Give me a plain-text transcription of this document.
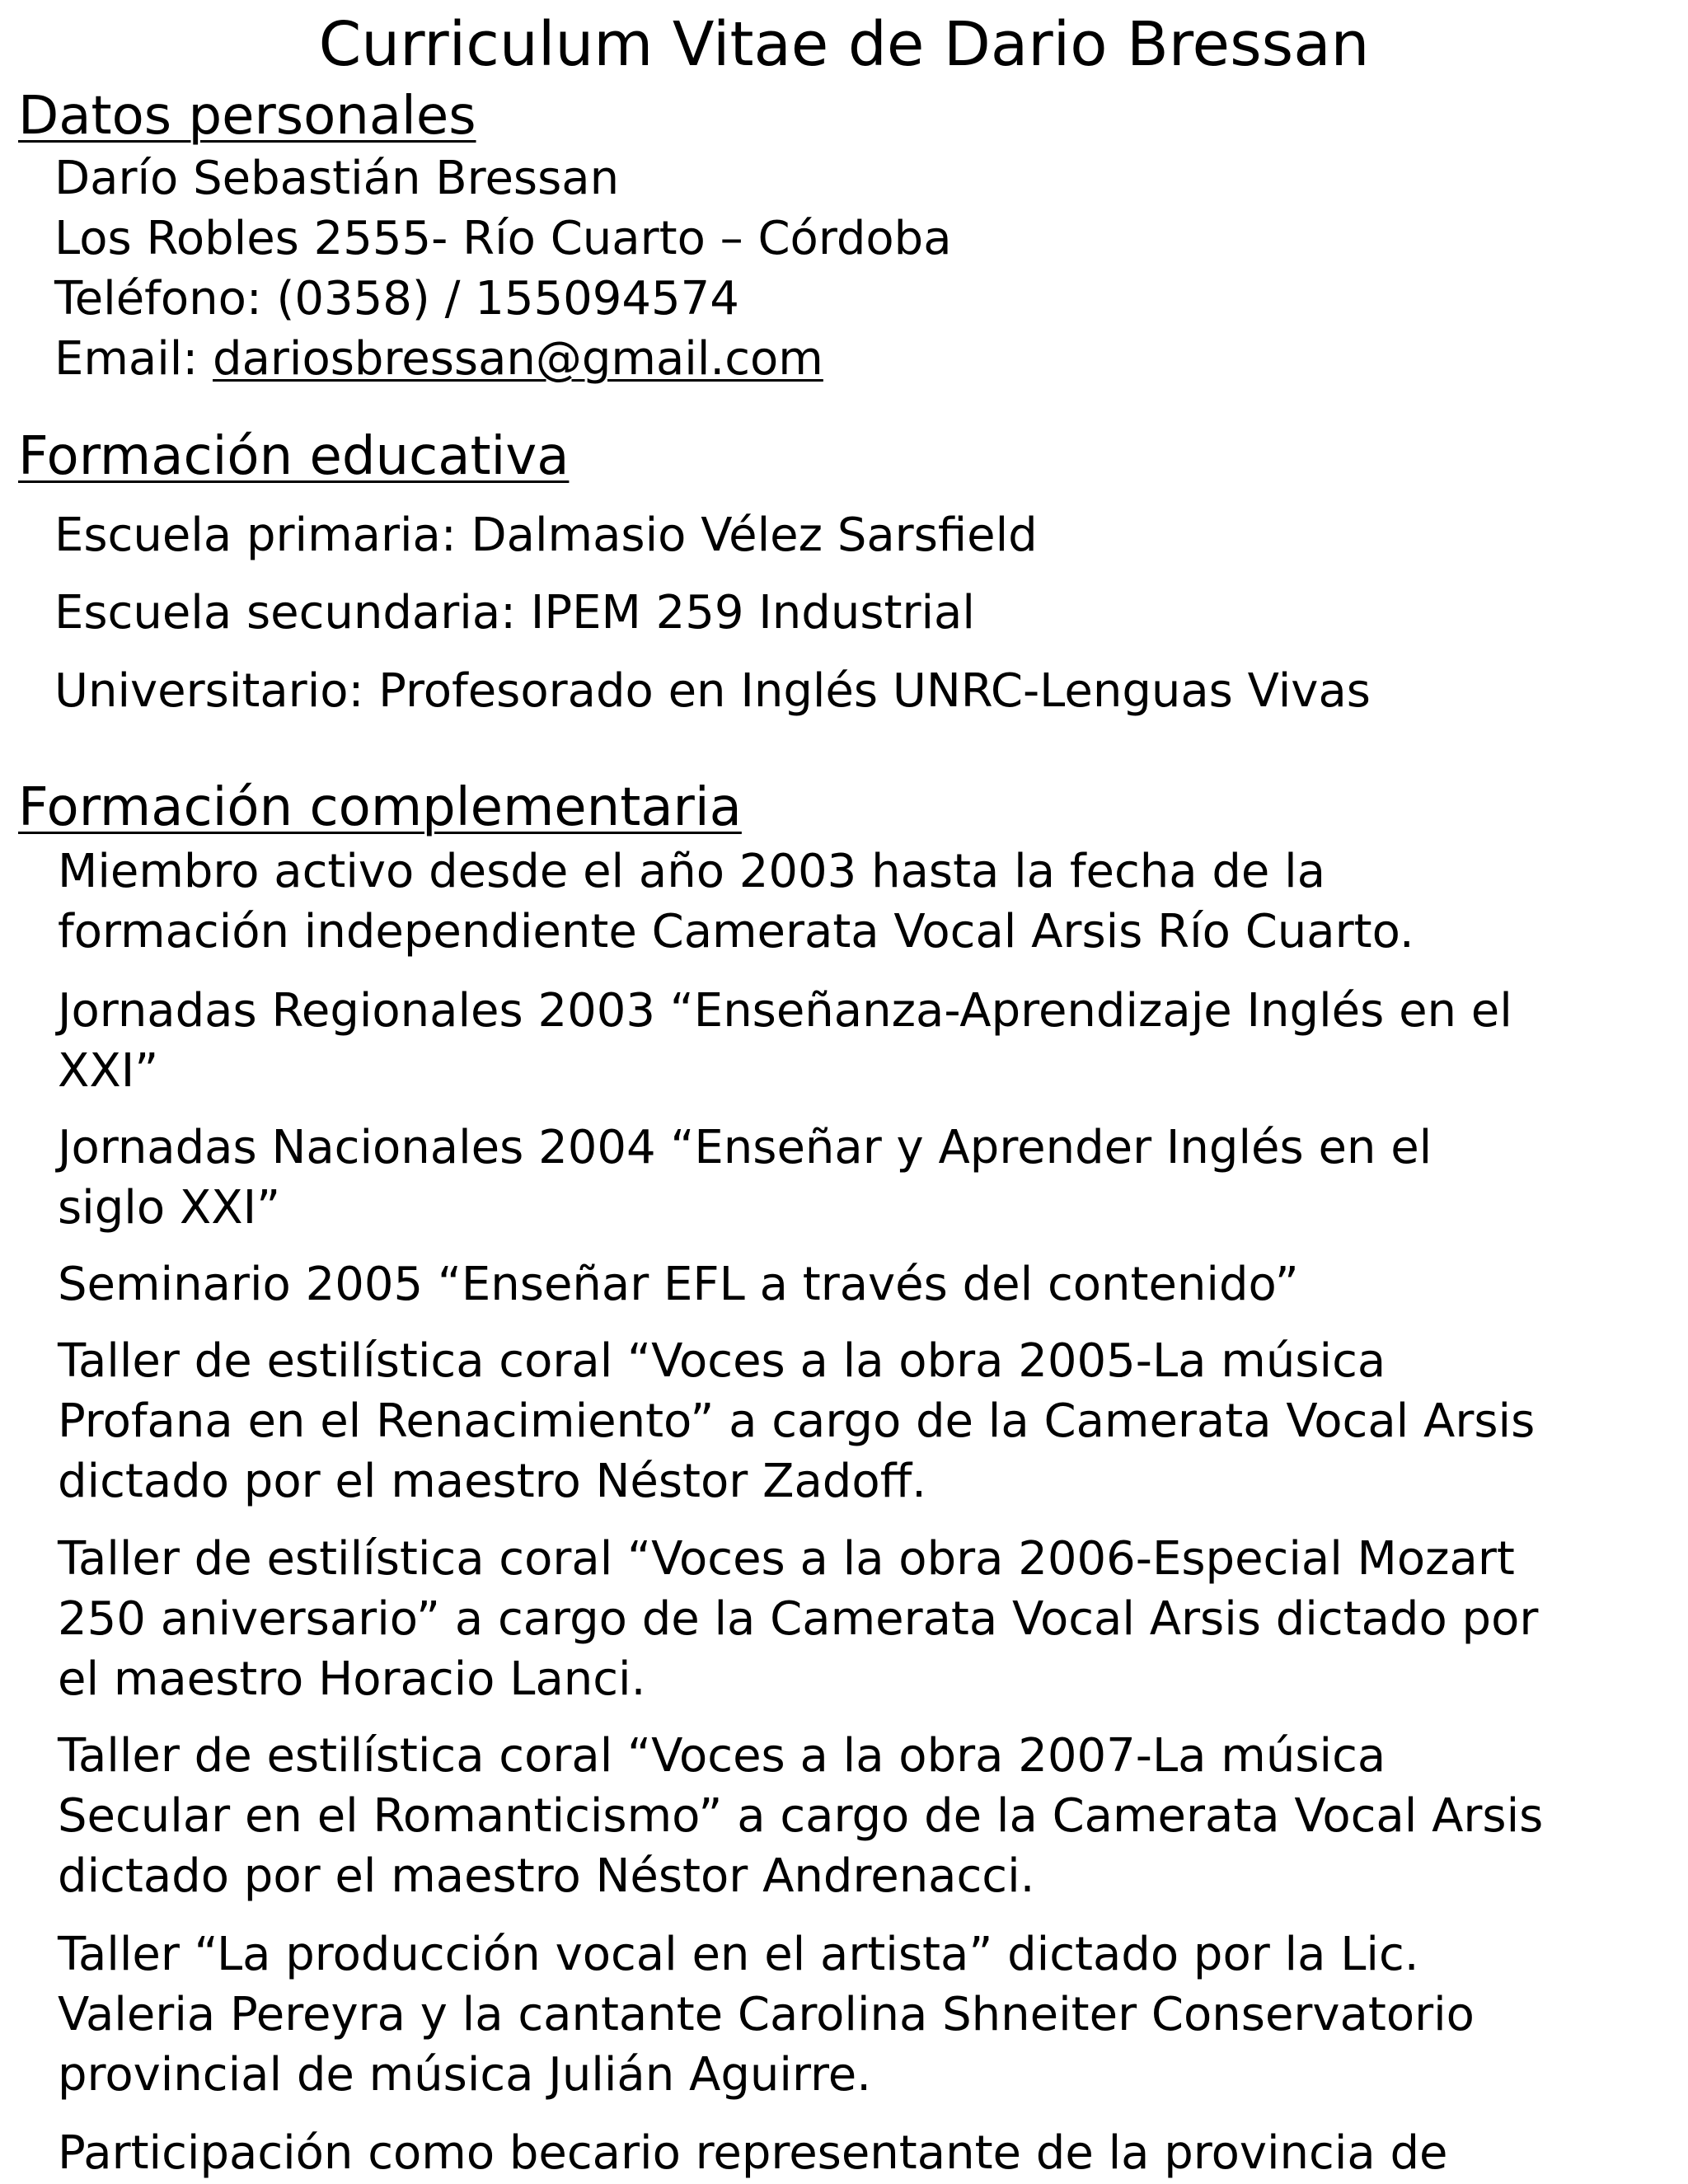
Curriculum Vitae de Dario Bressan
Datos personales
Darío Sebastián Bressan
Los Robles 2555- Río Cuarto – Córdoba
Teléfono: (0358) / 155094574
Email: dariosbressan@gmail.com
Formación educativa
Escuela primaria: Dalmasio Vélez Sarsfield
Escuela secundaria: IPEM 259 Industrial
Universitario: Profesorado en Inglés UNRC-Lenguas Vivas
Formación complementaria
Miembro activo desde el año 2003 hasta la fecha de la
formación independiente Camerata Vocal Arsis Río Cuarto.
Jornadas Regionales 2003 “Enseñanza-Aprendizaje Inglés en el
XXI”
Jornadas Nacionales 2004 “Enseñar y Aprender Inglés en el
siglo XXI”
Seminario 2005 “Enseñar EFL a través del contenido”
Taller de estilística coral “Voces a la obra 2005-La música
Profana en el Renacimiento” a cargo de la Camerata Vocal Arsis
dictado por el maestro Néstor Zadoff.
Taller de estilística coral “Voces a la obra 2006-Especial Mozart
250 aniversario” a cargo de la Camerata Vocal Arsis dictado por
el maestro Horacio Lanci.
Taller de estilística coral “Voces a la obra 2007-La música
Secular en el Romanticismo” a cargo de la Camerata Vocal Arsis
dictado por el maestro Néstor Andrenacci.
Taller “La producción vocal en el artista” dictado por la Lic.
Valeria Pereyra y la cantante Carolina Shneiter Conservatorio
provincial de música Julián Aguirre.
Participación como becario representante de la provincia de
